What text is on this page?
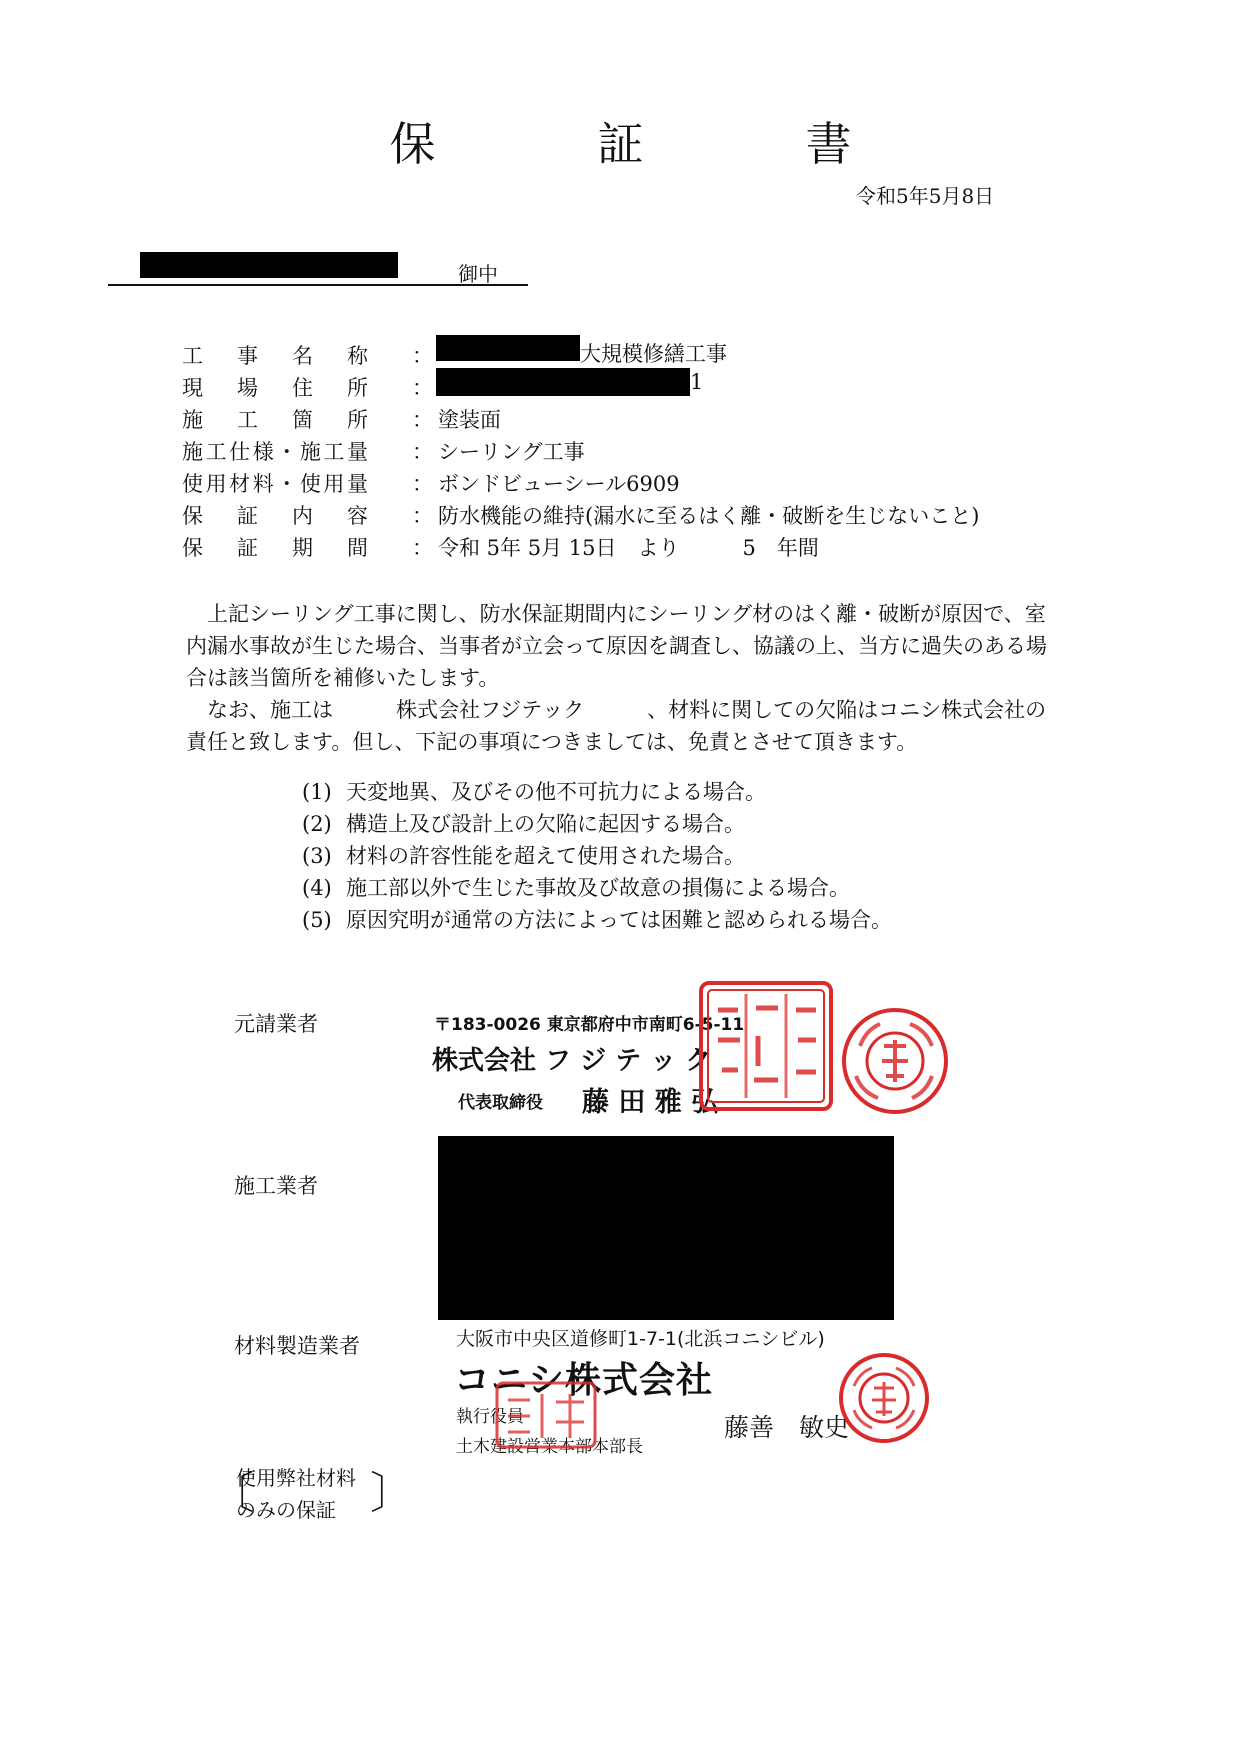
保　証　書
令和5年5月8日
御中
工事名称 ：	大規模修繕工事
現場住所 ：	1
施工箇所 ： 塗装面
施工仕様・施工量 ： シーリング工事
使用材料・使用量 ： ボンドビューシール6909
保証内容 ： 防水機能の維持(漏水に至るはく離・破断を生じないこと)
保証期間 ： 令和 5年 5月 15日　より　　　5　年間

上記シーリング工事に関し、防水保証期間内にシーリング材のはく離・破断が原因で、室内漏水事故が生じた場合、当事者が立会って原因を調査し、協議の上、当方に過失のある場合は該当箇所を補修いたします。

なお、施工は　　　株式会社フジテック　　　、材料に関しての欠陥はコニシ株式会社の責任と致します。但し、下記の事項につきましては、免責とさせて頂きます。

(1) 天変地異、及びその他不可抗力による場合。
(2) 構造上及び設計上の欠陥に起因する場合。
(3) 材料の許容性能を超えて使用された場合。
(4) 施工部以外で生じた事故及び故意の損傷による場合。
(5) 原因究明が通常の方法によっては困難と認められる場合。
元請業者	〒183-0026 東京都府中市南町6-5-11
株式会社 フ ジ テ ッ ク
代表取締役 藤 田 雅 弘
施工業者
材料製造業者	大阪市中央区道修町1-7-1(北浜コニシビル)
コニシ株式会社
執行役員
土木建設営業本部本部長
藤善　敏史
〔
使用弊社材料
のみの保証 〕
